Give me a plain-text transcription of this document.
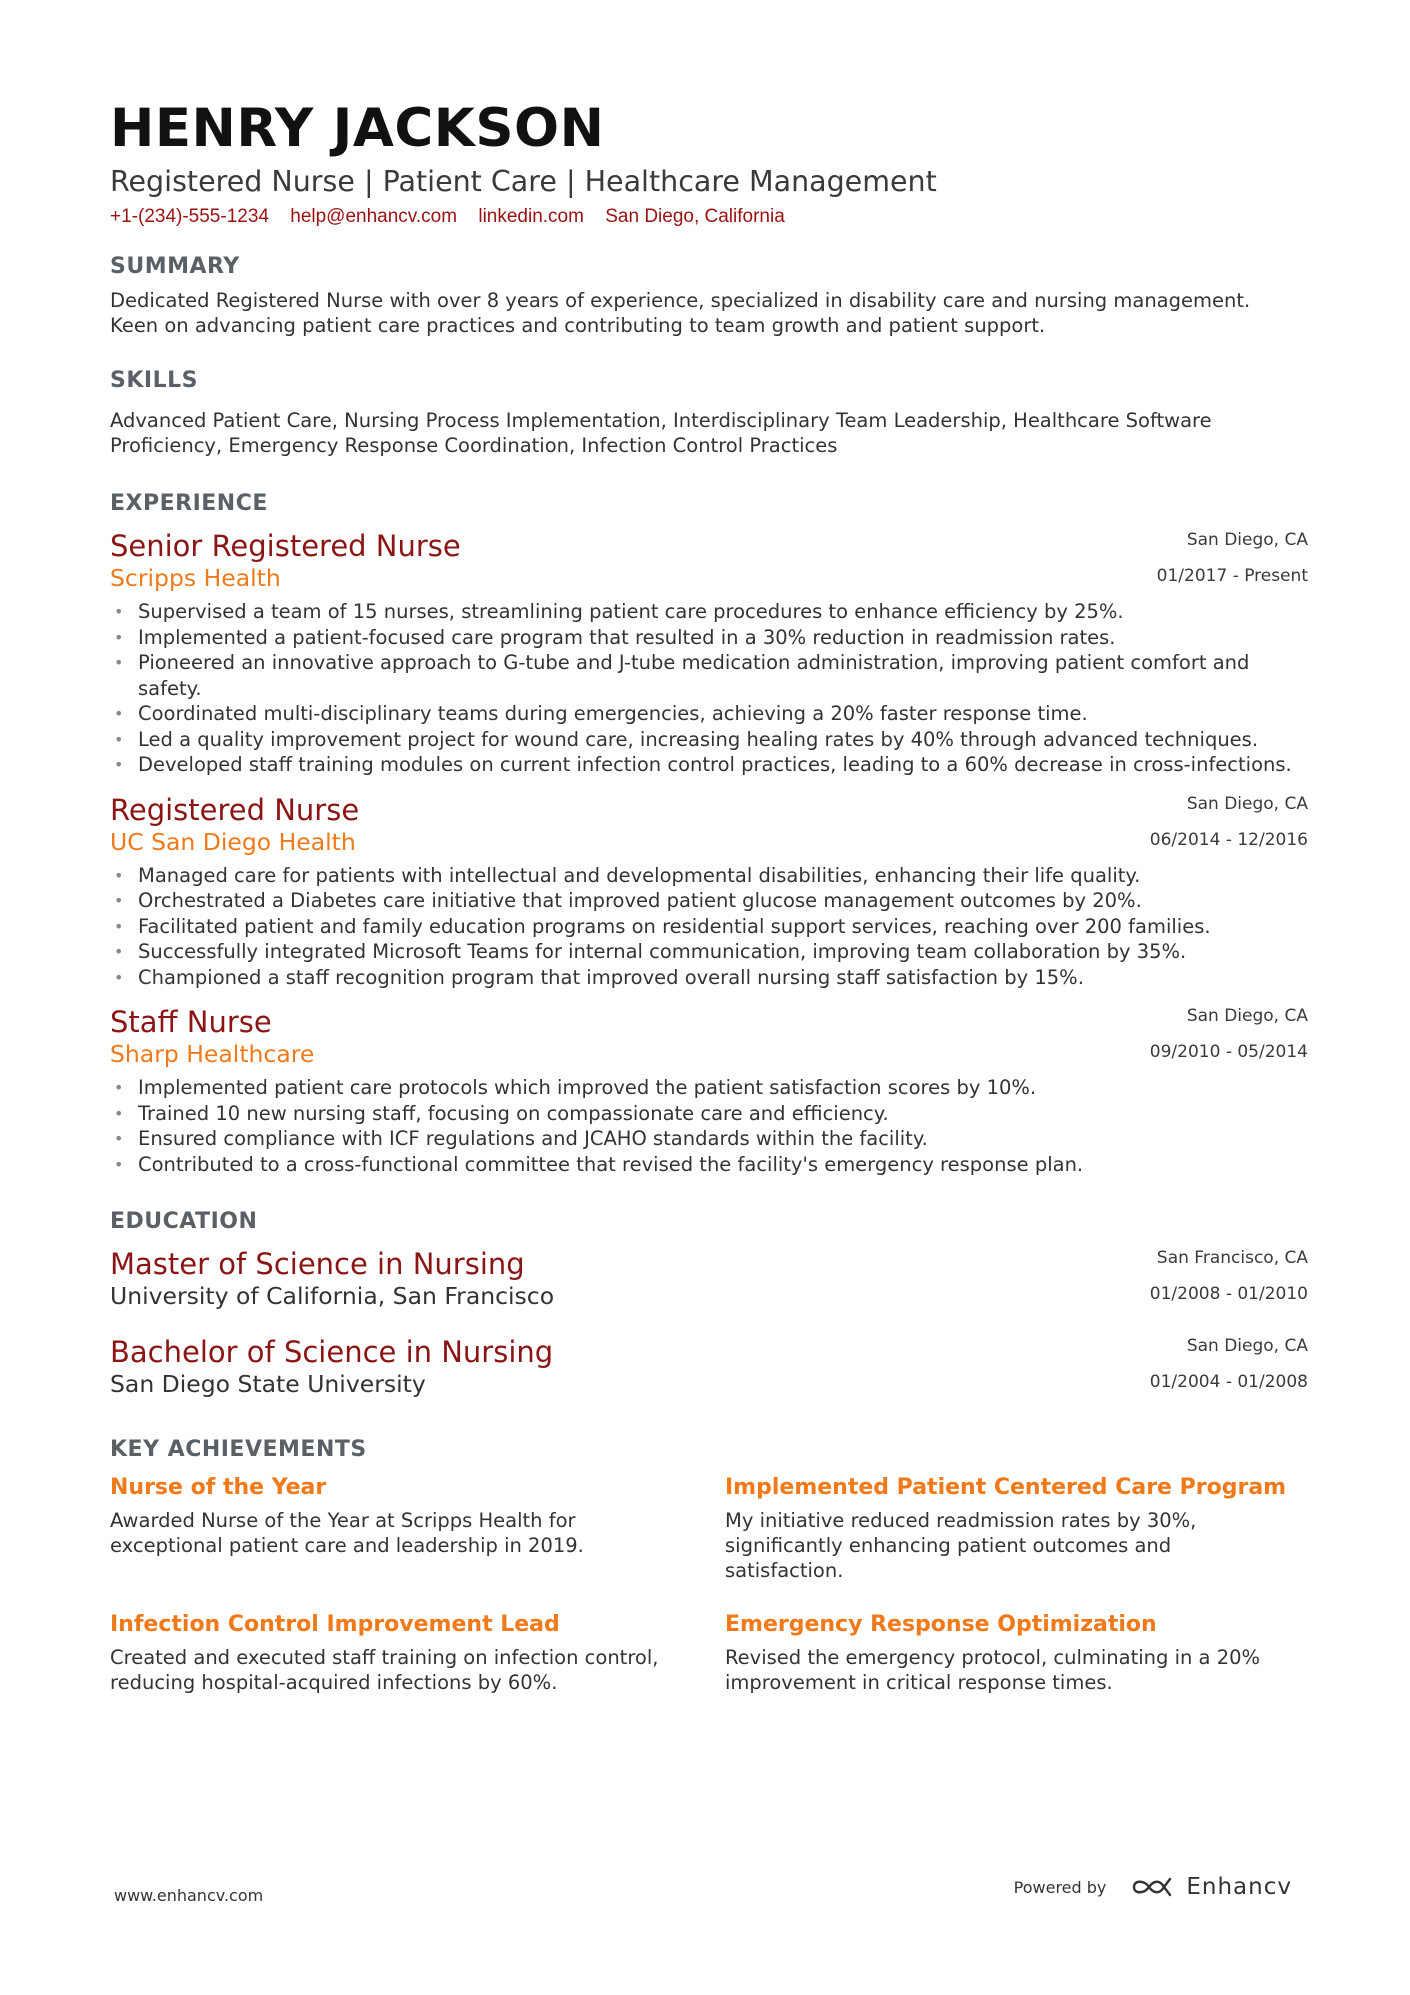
HENRY JACKSON
Registered Nurse | Patient Care | Healthcare Management
+1-(234)-555-1234 help@enhancv.com linkedin.com San Diego, California
SUMMARY
Dedicated Registered Nurse with over 8 years of experience, specialized in disability care and nursing management.
Keen on advancing patient care practices and contributing to team growth and patient support.
SKILLS
Advanced Patient Care, Nursing Process Implementation, Interdisciplinary Team Leadership, Healthcare Software
Proficiency, Emergency Response Coordination, Infection Control Practices
EXPERIENCE
San Diego, CA
01/2017 - Present
Senior Registered Nurse
Scripps Health
• Supervised a team of 15 nurses, streamlining patient care procedures to enhance efficiency by 25%.
• Implemented a patient-focused care program that resulted in a 30% reduction in readmission rates.
• Pioneered an innovative approach to G-tube and J-tube medication administration, improving patient comfort and safety.
• Coordinated multi-disciplinary teams during emergencies, achieving a 20% faster response time.
• Led a quality improvement project for wound care, increasing healing rates by 40% through advanced techniques.
• Developed staff training modules on current infection control practices, leading to a 60% decrease in cross-infections.
San Diego, CA
06/2014 - 12/2016
Registered Nurse
UC San Diego Health
• Managed care for patients with intellectual and developmental disabilities, enhancing their life quality.
• Orchestrated a Diabetes care initiative that improved patient glucose management outcomes by 20%.
• Facilitated patient and family education programs on residential support services, reaching over 200 families.
• Successfully integrated Microsoft Teams for internal communication, improving team collaboration by 35%.
• Championed a staff recognition program that improved overall nursing staff satisfaction by 15%.
San Diego, CA
09/2010 - 05/2014
Staff Nurse
Sharp Healthcare
• Implemented patient care protocols which improved the patient satisfaction scores by 10%.
• Trained 10 new nursing staff, focusing on compassionate care and efficiency.
• Ensured compliance with ICF regulations and JCAHO standards within the facility.
• Contributed to a cross-functional committee that revised the facility's emergency response plan.
EDUCATION
San Francisco, CA
01/2008 - 01/2010
Master of Science in Nursing
University of California, San Francisco
San Diego, CA
01/2004 - 01/2008
Bachelor of Science in Nursing
San Diego State University
KEY ACHIEVEMENTS
Nurse of the Year
Awarded Nurse of the Year at Scripps Health for exceptional patient care and leadership in 2019.
Implemented Patient Centered Care Program
My initiative reduced readmission rates by 30%, significantly enhancing patient outcomes and satisfaction.
Infection Control Improvement Lead
Created and executed staff training on infection control, reducing hospital-acquired infections by 60%.
Emergency Response Optimization
Revised the emergency protocol, culminating in a 20% improvement in critical response times.
www.enhancv.com	Powered by	Enhancv
